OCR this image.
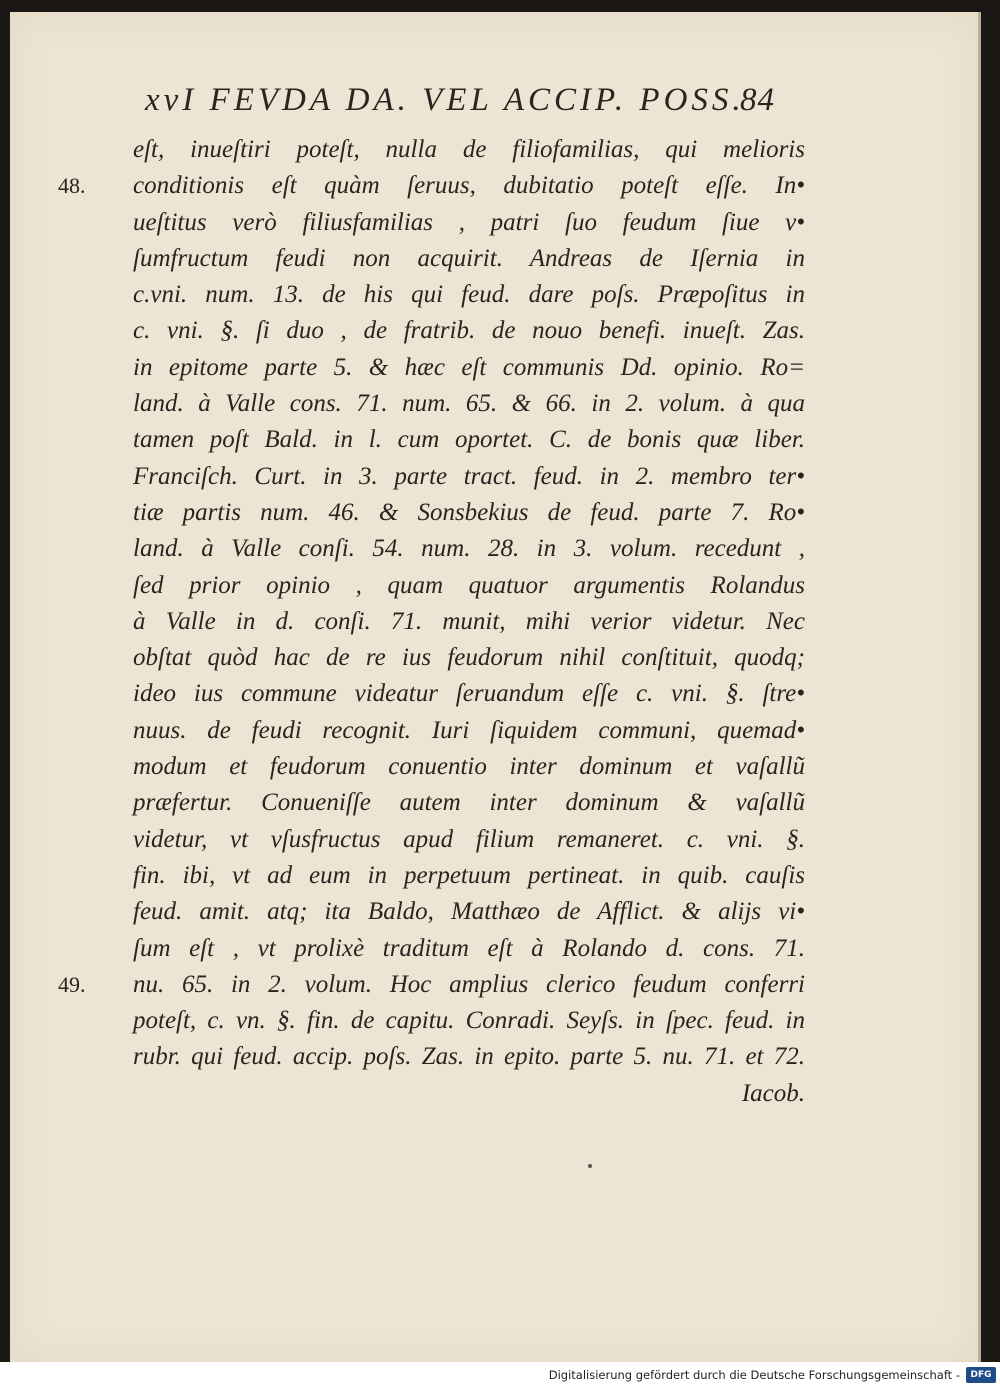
xvI FEVDA DA. VEL ACCIP. POSS.
84
eſt, inueſtiri poteſt, nulla de filiofamilias, qui melioris
48. conditionis eſt quàm ſeruus, dubitatio poteſt eſſe. In•
ueſtitus verò filiusfamilias , patri ſuo feudum ſiue v•
ſumfructum feudi non acquirit. Andreas de Iſernia in
c.vni. num. 13. de his qui feud. dare poſs. Præpoſitus in
c. vni. §. ſi duo , de fratrib. de nouo benefi. inueſt. Zas.
in epitome parte 5. & hæc eſt communis Dd. opinio. Ro=
land. à Valle cons. 71. num. 65. & 66. in 2. volum. à qua
tamen poſt Bald. in l. cum oportet. C. de bonis quæ liber.
Franciſch. Curt. in 3. parte tract. feud. in 2. membro ter•
tiæ partis num. 46. & Sonsbekius de feud. parte 7. Ro•
land. à Valle conſi. 54. num. 28. in 3. volum. recedunt ,
ſed prior opinio , quam quatuor argumentis Rolandus
à Valle in d. conſi. 71. munit, mihi verior videtur. Nec
obſtat quòd hac de re ius feudorum nihil conſtituit, quodq;
ideo ius commune videatur ſeruandum eſſe c. vni. §. ſtre•
nuus. de feudi recognit. Iuri ſiquidem communi, quemad•
modum et feudorum conuentio inter dominum et vaſallũ
præfertur. Conueniſſe autem inter dominum & vaſallũ
videtur, vt vſusfructus apud filium remaneret. c. vni. §.
fin. ibi, vt ad eum in perpetuum pertineat. in quib. cauſis
feud. amit. atq; ita Baldo, Matthæo de Afflict. & alijs vi•
ſum eſt , vt prolixè traditum eſt à Rolando d. cons. 71.
49. nu. 65. in 2. volum. Hoc amplius clerico feudum conferri
poteſt, c. vn. §. fin. de capitu. Conradi. Seyſs. in ſpec. feud. in
rubr. qui feud. accip. poſs. Zas. in epito. parte 5. nu. 71. et 72.
Iacob.
Digitalisierung gefördert durch die Deutsche Forschungsgemeinschaft -	DFG
